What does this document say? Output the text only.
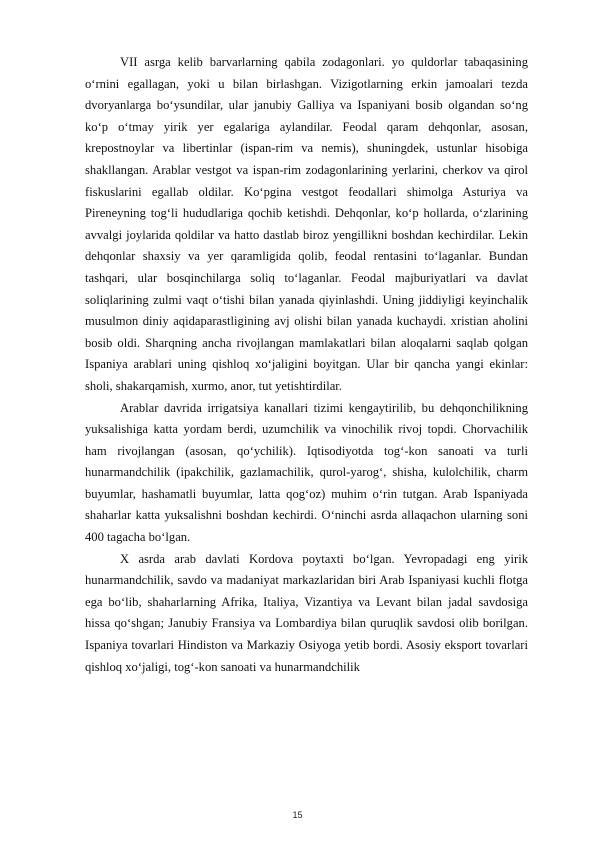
VII asrga kelib barvarlarning qabila zodagonlari. yo quldorlar tabaqasining o‘rnini egallagan, yoki u bilan birlashgan. Vizigotlarning erkin jamoalari tezda dvoryanlarga bo‘ysundilar, ular janubiy Galliya va Ispaniyani bosib olgandan so‘ng ko‘p o‘tmay yirik yer egalariga aylandilar. Feodal qaram dehqonlar, asosan, krepostnoylar va libertinlar (ispan-rim va nemis), shuningdek, ustunlar hisobiga shakllangan. Arablar vestgot va ispan-rim zodagonlarining yerlarini, cherkov va qirol fiskuslarini egallab oldilar. Ko‘pgina vestgot feodallari shimolga Asturiya va Pireneyning tog‘li hududlariga qochib ketishdi. Dehqonlar, ko‘p hollarda, o‘zlarining avvalgi joylarida qoldilar va hatto dastlab biroz yengillikni boshdan kechirdilar. Lekin dehqonlar shaxsiy va yer qaramligida qolib, feodal rentasini to‘laganlar. Bundan tashqari, ular bosqinchilarga soliq to‘laganlar. Feodal majburiyatlari va davlat soliqlarining zulmi vaqt o‘tishi bilan yanada qiyinlashdi. Uning jiddiyligi keyinchalik musulmon diniy aqidaparastligining avj olishi bilan yanada kuchaydi. xristian aholini bosib oldi. Sharqning ancha rivojlangan mamlakatlari bilan aloqalarni saqlab qolgan Ispaniya arablari uning qishloq xo‘jaligini boyitgan. Ular bir qancha yangi ekinlar: sholi, shakarqamish, xurmo, anor, tut yetishtirdilar.

Arablar davrida irrigatsiya kanallari tizimi kengaytirilib, bu dehqonchilikning yuksalishiga katta yordam berdi, uzumchilik va vinochilik rivoj topdi. Chorvachilik ham rivojlangan (asosan, qo‘ychilik). Iqtisodiyotda tog‘-kon sanoati va turli hunarmandchilik (ipakchilik, gazlamachilik, qurol-yarog‘, shisha, kulolchilik, charm buyumlar, hashamatli buyumlar, latta qog‘oz) muhim o‘rin tutgan. Arab Ispaniyada shaharlar katta yuksalishni boshdan kechirdi. O‘ninchi asrda allaqachon ularning soni 400 tagacha bo‘lgan.

X asrda arab davlati Kordova poytaxti bo‘lgan. Yevropadagi eng yirik hunarmandchilik, savdo va madaniyat markazlaridan biri Arab Ispaniyasi kuchli flotga ega bo‘lib, shaharlarning Afrika, Italiya, Vizantiya va Levant bilan jadal savdosiga hissa qo‘shgan; Janubiy Fransiya va Lombardiya bilan quruqlik savdosi olib borilgan. Ispaniya tovarlari Hindiston va Markaziy Osiyoga yetib bordi. Asosiy eksport tovarlari qishloq xo‘jaligi, tog‘-kon sanoati va hunarmandchilik

15
